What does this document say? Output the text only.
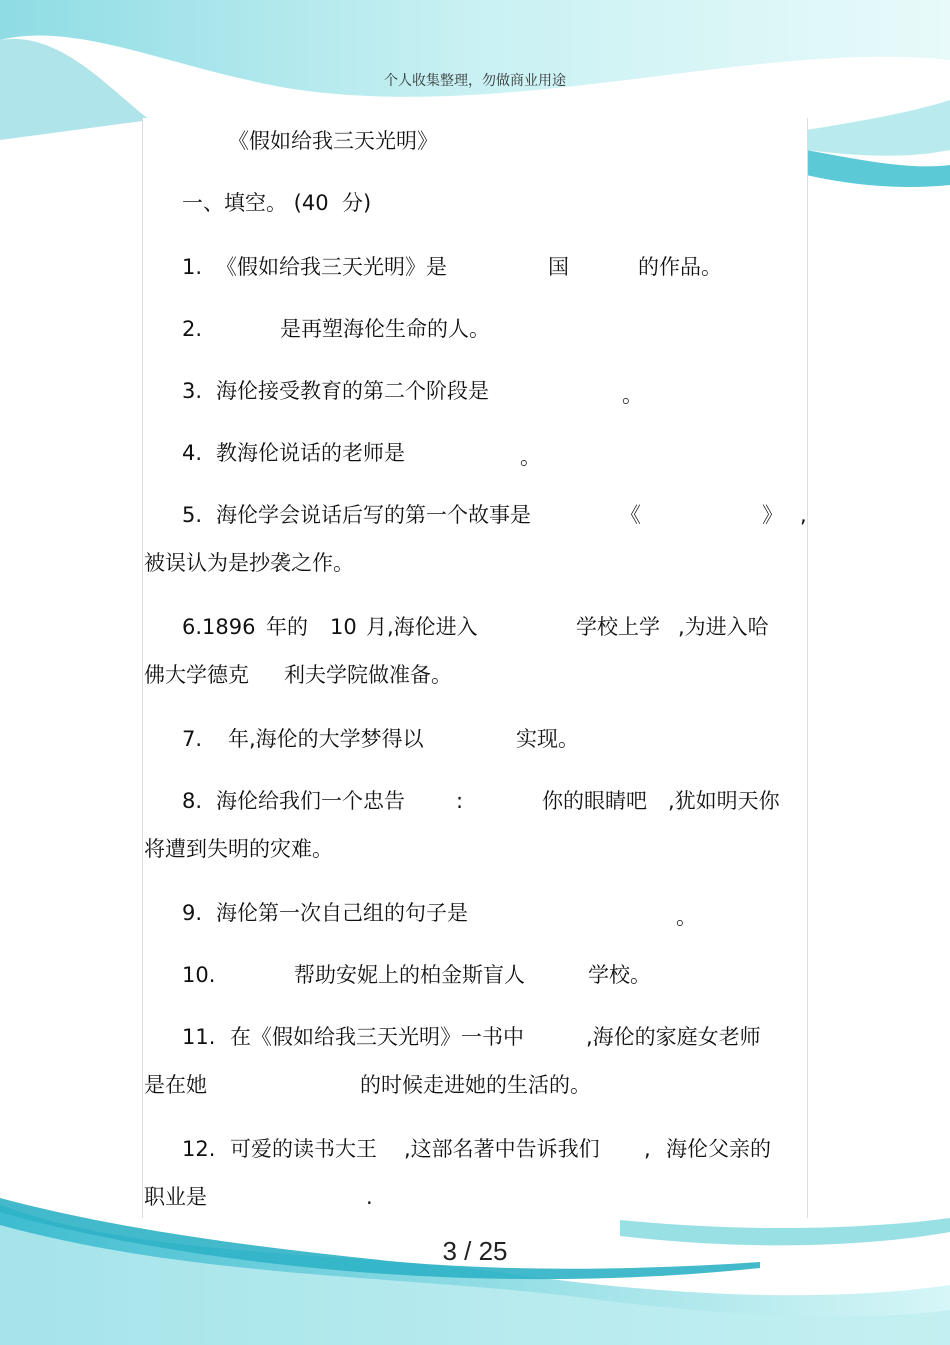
个人收集整理，勿做商业用途
《假如给我三天光明》
一、填空。 (40  分)
1. 《假如给我三天光明》是	国	的作品。
2.	是再塑海伦生命的人。
3. 海伦接受教育的第二个阶段是	。
4. 教海伦说话的老师是	。
5. 海伦学会说话后写的第一个故事是	《	》 ,
被误认为是抄袭之作。
6.1896 年的 10 月,海伦进入	学校上学 ,为进入哈
佛大学德克 利夫学院做准备。
7. 年,海伦的大学梦得以	实现。
8. 海伦给我们一个忠告 :	你的眼睛吧 ,犹如明天你
将遭到失明的灾难。
9. 海伦第一次自己组的句子是	。
10.	帮助安妮上的柏金斯盲人	学校。
11. 在《假如给我三天光明》一书中	,海伦的家庭女老师
是在她	的时候走进她的生活的。
12. 可爱的读书大王 ,这部名著中告诉我们 , 海伦父亲的
职业是	.
3 / 25
